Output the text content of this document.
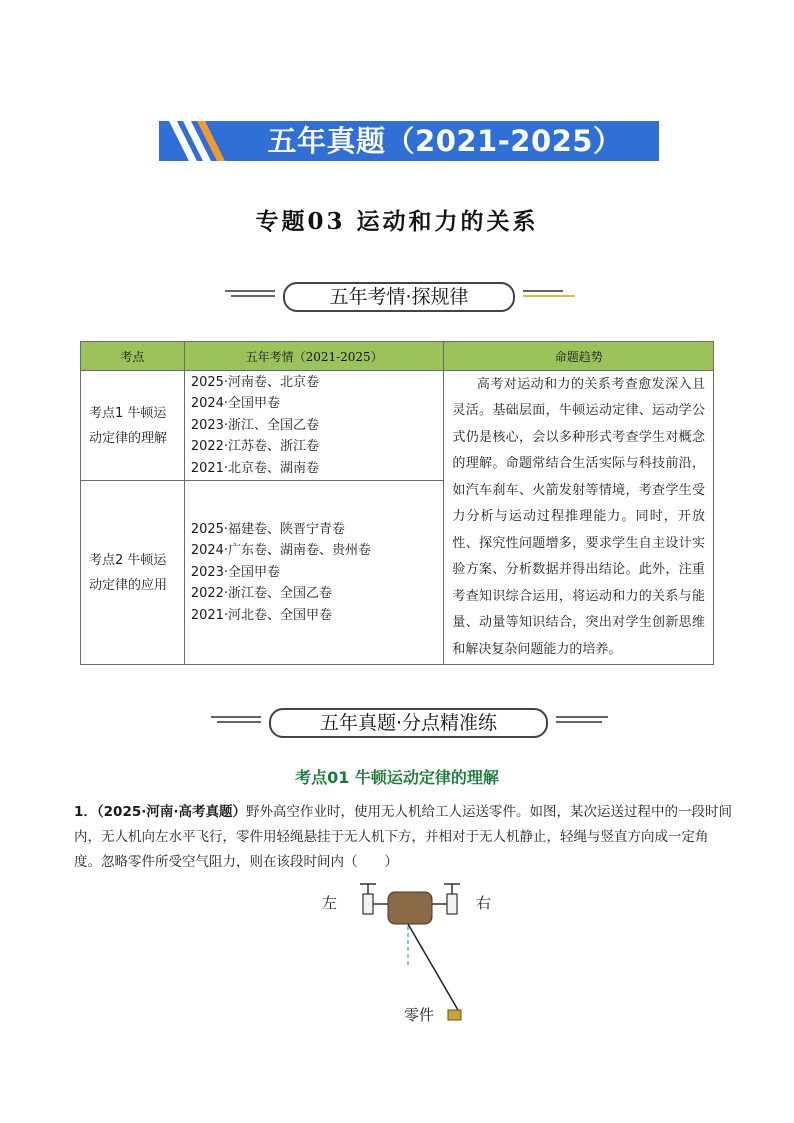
五年真题（2021-2025）
专题03 运动和力的关系
五年考情·探规律
考点	五年考情（2021-2025）	命题趋势
考点1 牛顿运动定律的理解	2025·河南卷、北京卷
2024·全国甲卷
2023·浙江、全国乙卷
2022·江苏卷、浙江卷
2021·北京卷、湖南卷	高考对运动和力的关系考查愈发深入且灵活。基础层面，牛顿运动定律、运动学公式仍是核心，会以多种形式考查学生对概念的理解。命题常结合生活实际与科技前沿，如汽车刹车、火箭发射等情境，考查学生受力分析与运动过程推理能力。同时，开放性、探究性问题增多，要求学生自主设计实验方案、分析数据并得出结论。此外，注重考查知识综合运用，将运动和力的关系与能量、动量等知识结合，突出对学生创新思维和解决复杂问题能力的培养。
考点2 牛顿运动定律的应用	2025·福建卷、陕晋宁青卷
2024·广东卷、湖南卷、贵州卷
2023·全国甲卷
2022·浙江卷、全国乙卷
2021·河北卷、全国甲卷	
五年真题·分点精准练
考点01 牛顿运动定律的理解
1．（2025·河南·高考真题）野外高空作业时，使用无人机给工人运送零件。如图，某次运送过程中的一段时间内，无人机向左水平飞行，零件用轻绳悬挂于无人机下方，并相对于无人机静止，轻绳与竖直方向成一定角度。忽略零件所受空气阻力，则在该段时间内（　　）
左	右
零件
